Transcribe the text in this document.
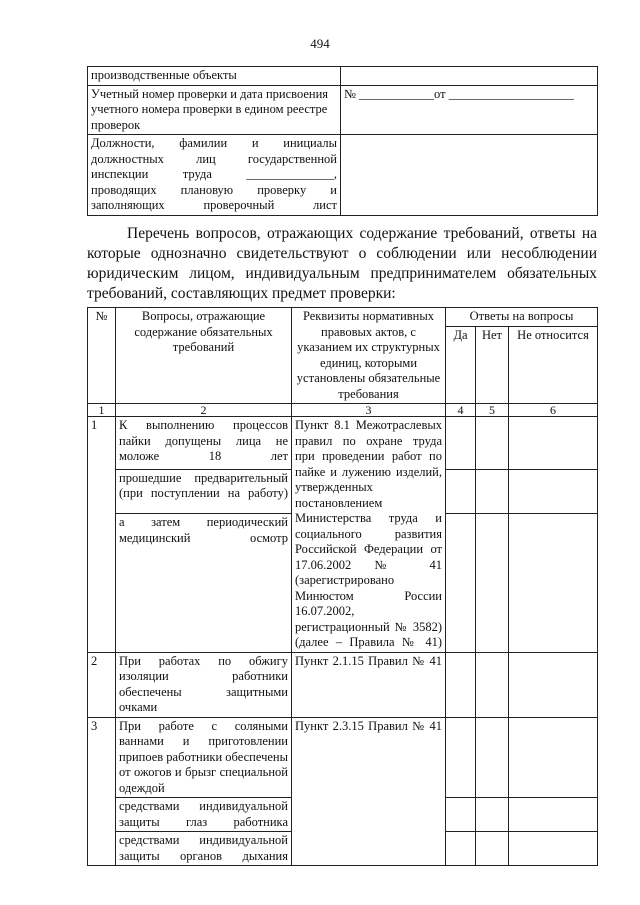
494
производственные объекты	
Учетный номер проверки и дата присвоения учетного номера проверки в едином реестре проверок	№ ____________от ____________________
Должности, фамилии и инициалы должностных лиц государственной инспекции труда ______________, проводящих плановую проверку и заполняющих проверочный лист	
Перечень вопросов, отражающих содержание требований, ответы на которые однозначно свидетельствуют о соблюдении или несоблюдении юридическим лицом, индивидуальным предпринимателем обязательных требований, составляющих предмет проверки:
№	Вопросы, отражающие содержание обязательных требований	Реквизиты нормативных правовых актов, с указанием их структурных единиц, которыми установлены обязательные требования	Ответы на вопросы		
			Да	Нет	Не относится
1	2	3	4	5	6
1	К выполнению процессов пайки допущены лица не моложе 18 лет	Пункт 8.1 Межотраслевых правил по охране труда при проведении работ по пайке и лужению изделий, утвержденных постановлением Министерства труда и социального развития Российской Федерации от 17.06.2002 № 41 (зарегистрировано Минюстом России 16.07.2002, регистрационный № 3582) (далее – Правила № 41)			
	прошедшие предварительный (при поступлении на работу)				
	а затем периодический медицинский осмотр				
2	При работах по обжигу изоляции работники обеспечены защитными очками	Пункт 2.1.15 Правил № 41			
3	При работе с соляными ваннами и приготовлении припоев работники обеспечены от ожогов и брызг специальной одеждой	Пункт 2.3.15 Правил № 41			
	средствами индивидуальной защиты глаз работника				
	средствами индивидуальной защиты органов дыхания				
